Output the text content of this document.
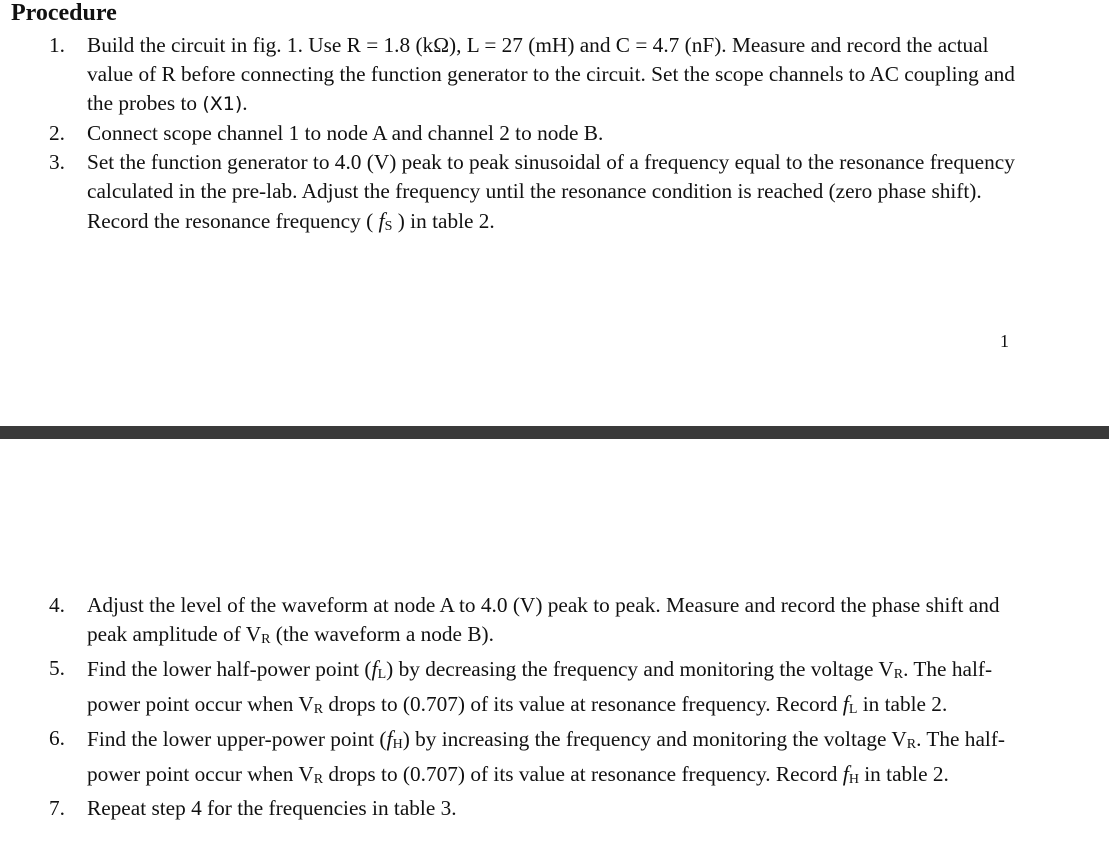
Procedure
1. Build the circuit in fig. 1. Use R = 1.8 (kΩ), L = 27 (mH) and C = 4.7 (nF). Measure and record the actual value of R before connecting the function generator to the circuit. Set the scope channels to AC coupling and the probes to (X1).
2. Connect scope channel 1 to node A and channel 2 to node B.
3. Set the function generator to 4.0 (V) peak to peak sinusoidal of a frequency equal to the resonance frequency calculated in the pre-lab. Adjust the frequency until the resonance condition is reached (zero phase shift). Record the resonance frequency ( fS ) in table 2.
1
4. Adjust the level of the waveform at node A to 4.0 (V) peak to peak. Measure and record the phase shift and peak amplitude of VR (the waveform a node B).
5. Find the lower half-power point (fL) by decreasing the frequency and monitoring the voltage VR. The half-power point occur when VR drops to (0.707) of its value at resonance frequency. Record fL in table 2.
6. Find the lower upper-power point (fH) by increasing the frequency and monitoring the voltage VR. The half-power point occur when VR drops to (0.707) of its value at resonance frequency. Record fH in table 2.
7. Repeat step 4 for the frequencies in table 3.
